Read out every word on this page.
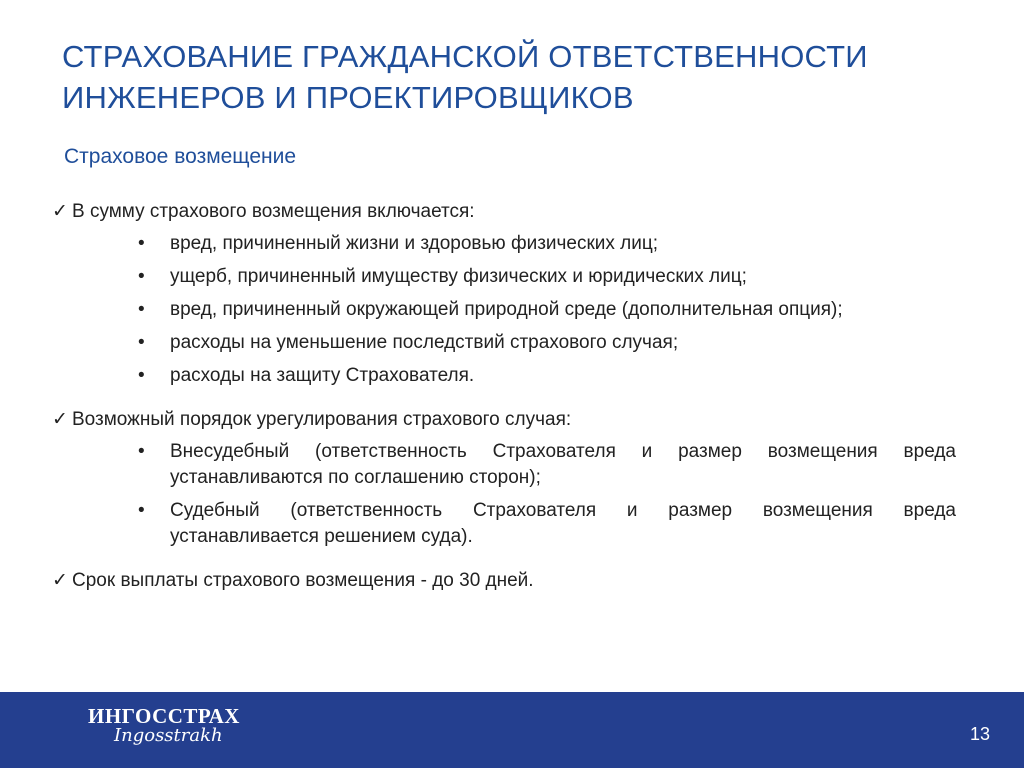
СТРАХОВАНИЕ ГРАЖДАНСКОЙ ОТВЕТСТВЕННОСТИ
ИНЖЕНЕРОВ И ПРОЕКТИРОВЩИКОВ
Страховое возмещение
✓ В сумму страхового возмещения включается:
• вред, причиненный жизни и здоровью физических лиц;
• ущерб, причиненный имуществу физических и юридических лиц;
• вред, причиненный окружающей природной среде (дополнительная опция);
• расходы на уменьшение последствий страхового случая;
• расходы на защиту Страхователя.
✓ Возможный порядок урегулирования страхового случая:
• Внесудебный (ответственность Страхователя и размер возмещения вреда устанавливаются по соглашению сторон);
• Судебный (ответственность Страхователя и размер возмещения вреда устанавливается решением суда).
✓ Срок выплаты страхового возмещения - до 30 дней.
ИНГОССТРАХ
Ingosstrakh	13
